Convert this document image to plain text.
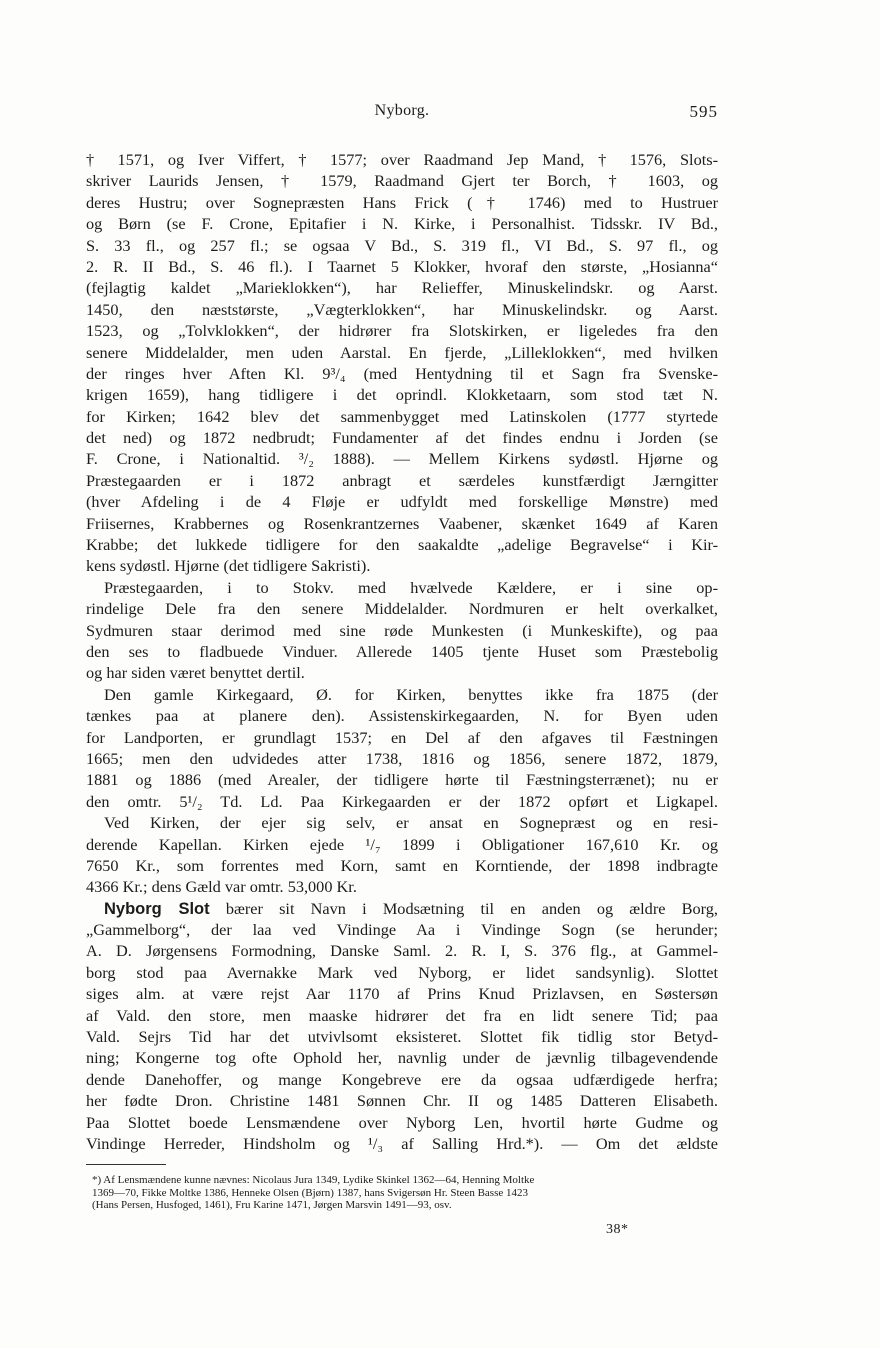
Nyborg.	595
† 1571, og Iver Viffert, † 1577; over Raadmand Jep Mand, † 1576, Slots-
skriver Laurids Jensen, † 1579, Raadmand Gjert ter Borch, † 1603, og
deres Hustru; over Sognepræsten Hans Frick († 1746) med to Hustruer
og Børn (se F. Crone, Epitafier i N. Kirke, i Personalhist. Tidsskr. IV Bd.,
S. 33 fl., og 257 fl.; se ogsaa V Bd., S. 319 fl., VI Bd., S. 97 fl., og
2. R. II Bd., S. 46 fl.). I Taarnet 5 Klokker, hvoraf den største, „Hosianna“
(fejlagtig kaldet „Marieklokken“), har Relieffer, Minuskelindskr. og Aarst.
1450, den næststørste, „Vægterklokken“, har Minuskelindskr. og Aarst.
1523, og „Tolvklokken“, der hidrører fra Slotskirken, er ligeledes fra den
senere Middelalder, men uden Aarstal. En fjerde, „Lilleklokken“, med hvilken
der ringes hver Aften Kl. 9³/₄ (med Hentydning til et Sagn fra Svenske-
krigen 1659), hang tidligere i det oprindl. Klokketaarn, som stod tæt N.
for Kirken; 1642 blev det sammenbygget med Latinskolen (1777 styrtede
det ned) og 1872 nedbrudt; Fundamenter af det findes endnu i Jorden (se
F. Crone, i Nationaltid. ³/₂ 1888). — Mellem Kirkens sydøstl. Hjørne og
Præstegaarden er i 1872 anbragt et særdeles kunstfærdigt Jærngitter
(hver Afdeling i de 4 Fløje er udfyldt med forskellige Mønstre) med
Friisernes, Krabbernes og Rosenkrantzernes Vaabener, skænket 1649 af Karen
Krabbe; det lukkede tidligere for den saakaldte „adelige Begravelse“ i Kir-
kens sydøstl. Hjørne (det tidligere Sakristi).
Præstegaarden, i to Stokv. med hvælvede Kældere, er i sine op-
rindelige Dele fra den senere Middelalder. Nordmuren er helt overkalket,
Sydmuren staar derimod med sine røde Munkesten (i Munkeskifte), og paa
den ses to fladbuede Vinduer. Allerede 1405 tjente Huset som Præstebolig
og har siden været benyttet dertil.
Den gamle Kirkegaard, Ø. for Kirken, benyttes ikke fra 1875 (der
tænkes paa at planere den). Assistenskirkegaarden, N. for Byen uden
for Landporten, er grundlagt 1537; en Del af den afgaves til Fæstningen
1665; men den udvidedes atter 1738, 1816 og 1856, senere 1872, 1879,
1881 og 1886 (med Arealer, der tidligere hørte til Fæstningsterrænet); nu er
den omtr. 5¹/₂ Td. Ld. Paa Kirkegaarden er der 1872 opført et Ligkapel.
Ved Kirken, der ejer sig selv, er ansat en Sognepræst og en resi-
derende Kapellan. Kirken ejede ¹/₇ 1899 i Obligationer 167,610 Kr. og
7650 Kr., som forrentes med Korn, samt en Korntiende, der 1898 indbragte
4366 Kr.; dens Gæld var omtr. 53,000 Kr.
Nyborg Slot bærer sit Navn i Modsætning til en anden og ældre Borg,
„Gammelborg“, der laa ved Vindinge Aa i Vindinge Sogn (se herunder;
A. D. Jørgensens Formodning, Danske Saml. 2. R. I, S. 376 flg., at Gammel-
borg stod paa Avernakke Mark ved Nyborg, er lidet sandsynlig). Slottet
siges alm. at være rejst Aar 1170 af Prins Knud Prizlavsen, en Søstersøn
af Vald. den store, men maaske hidrører det fra en lidt senere Tid; paa
Vald. Sejrs Tid har det utvivlsomt eksisteret. Slottet fik tidlig stor Betyd-
ning; Kongerne tog ofte Ophold her, navnlig under de jævnlig tilbagevendende
dende Danehoffer, og mange Kongebreve ere da ogsaa udfærdigede herfra;
her fødte Dron. Christine 1481 Sønnen Chr. II og 1485 Datteren Elisabeth.
Paa Slottet boede Lensmændene over Nyborg Len, hvortil hørte Gudme og
Vindinge Herreder, Hindsholm og ¹/₃ af Salling Hrd.*). — Om det ældste
*) Af Lensmændene kunne nævnes: Nicolaus Jura 1349, Lydike Skinkel 1362—64, Henning Moltke
1369—70, Fikke Moltke 1386, Henneke Olsen (Bjørn) 1387, hans Svigersøn Hr. Steen Basse 1423
(Hans Persen, Husfoged, 1461), Fru Karine 1471, Jørgen Marsvin 1491—93, osv.
38*
